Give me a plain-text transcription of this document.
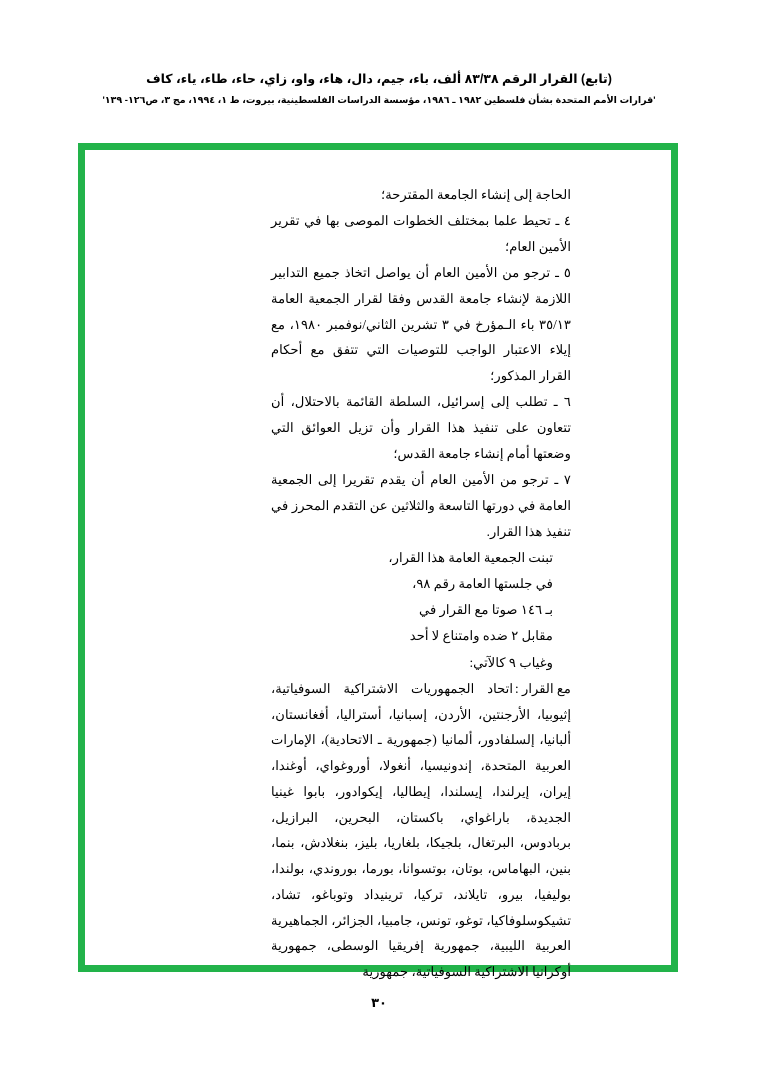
(تابع) القرار الرقم ٨٣/٣٨ ألف، باء، جيم، دال، هاء، واو، زاي، حاء، طاء، ياء، كاف
'قرارات الأمم المتحدة بشأن فلسطين ١٩٨٢ ـ ١٩٨٦، مؤسسة الدراسات الفلسطينية، بيروت، ط ١، ١٩٩٤، مج ٣، ص١٢٦- ١٣٩'

الحاجة إلى إنشاء الجامعة المقترحة؛

٤ ـ تحيط علما بمختلف الخطوات الموصى بها في تقرير الأمين العام؛

٥ ـ ترجو من الأمين العام أن يواصل اتخاذ جميع التدابير اللازمة لإنشاء جامعة القدس وفقا لقرار الجمعية العامة ٣٥/١٣ باء الـمؤرخ في ٣ تشرين الثاني/نوفمبر ١٩٨٠، مع إيلاء الاعتبار الواجب للتوصيات التي تتفق مع أحكام القرار المذكور؛

٦ ـ تطلب إلى إسرائيل، السلطة القائمة بالاحتلال، أن تتعاون على تنفيذ هذا القرار وأن تزيل العوائق التي وضعتها أمام إنشاء جامعة القدس؛

٧ ـ ترجو من الأمين العام أن يقدم تقريرا إلى الجمعية العامة في دورتها التاسعة والثلاثين عن التقدم المحرز في تنفيذ هذا القرار.

تبنت الجمعية العامة هذا القرار،

في جلستها العامة رقم ٩٨،

بـ ١٤٦ صوتا مع القرار في

مقابل ٢ ضده وامتناع لا أحد

وغياب ٩ كالآتي:

مع القرار :اتحاد الجمهوريات الاشتراكية السوفياتية، إثيوبيا، الأرجنتين، الأردن، إسبانيا، أستراليا، أفغانستان، ألبانيا، إلسلفادور، ألمانيا (جمهورية ـ الاتحادية)، الإمارات العربية المتحدة، إندونيسيا، أنغولا، أوروغواي، أوغندا، إيران، إيرلندا، إيسلندا، إيطاليا، إيكوادور، بابوا غينيا الجديدة، باراغواي، باكستان، البحرين، البرازيل، بربادوس، البرتغال، بلجيكا، بلغاريا، بليز، بنغلادش، بنما، بنين، البهاماس، بوتان، بوتسوانا، بورما، بوروندي، بولندا، بوليفيا، بيرو، تايلاند، تركيا، ترينيداد وتوباغو، تشاد، تشيكوسلوفاكيا، توغو، تونس، جامبيا، الجزائر، الجماهيرية العربية الليبية، جمهورية إفريقيا الوسطى، جمهورية أوكرانيا الاشتراكية السوفياتية، جمهورية

٣٠
